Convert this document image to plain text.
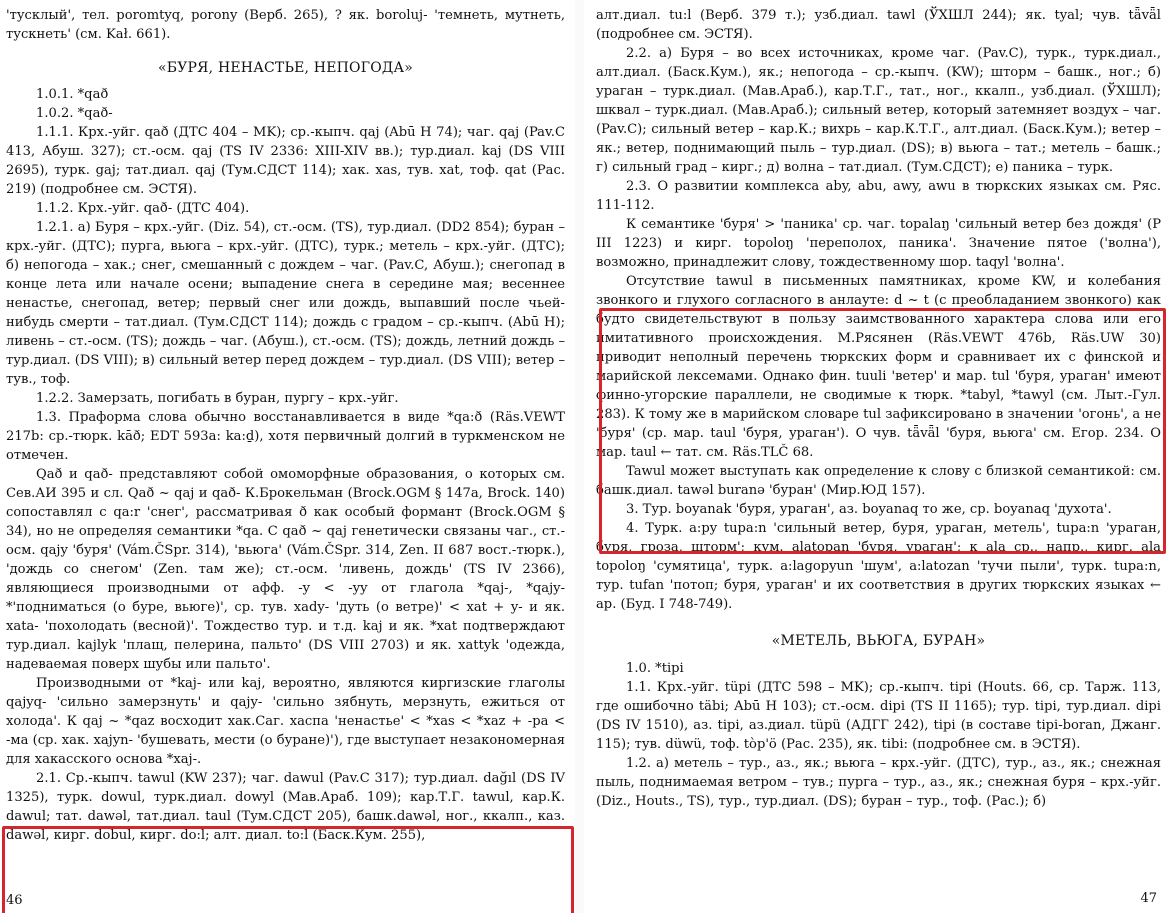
'тусклый', тел. poromtyq, porony (Верб. 265), ? як. boroluj- 'темнеть, мутнеть, тускнеть' (см. Kał. 661).

«БУРЯ, НЕНАСТЬЕ, НЕПОГОДА»

1.0.1. *qað

1.0.2. *qað-

1.1.1. Крх.-уйг. qað (ДТС 404 – MK); ср.-кыпч. qaj (Abū H 74); чаг. qaj (Pav.C 413, Абуш. 327); ст.-осм. qaj (TS IV 2336: XIII-XIV вв.); тур.диал. kaj (DS VIII 2695), турк. gaj; тат.диал. qaj (Тум.СДСТ 114); хак. xas, тув. xat, тоф. qat (Рас. 219) (подробнее см. ЭСТЯ).

1.1.2. Крх.-уйг. qað- (ДТС 404).

1.2.1. а) Буря – крх.-уйг. (Diz. 54), ст.-осм. (TS), тур.диал. (DD2 854); буран – крх.-уйг. (ДТС); пурга, вьюга – крх.-уйг. (ДТС), турк.; метель – крх.-уйг. (ДТС); б) непогода – хак.; снег, смешанный с дождем – чаг. (Pav.C, Абуш.); снегопад в конце лета или начале осени; выпадение снега в середине мая; весеннее ненастье, снегопад, ветер; первый снег или дождь, выпавший после чьей-нибудь смерти – тат.диал. (Тум.СДСТ 114); дождь с градом – ср.-кыпч. (Abū H); ливень – ст.-осм. (TS); дождь – чаг. (Абуш.), ст.-осм. (TS); дождь, летний дождь – тур.диал. (DS VIII); в) сильный ветер перед дождем – тур.диал. (DS VIII); ветер – тув., тоф.

1.2.2. Замерзать, погибать в буран, пургу – крх.-уйг.

1.3. Праформа слова обычно восстанавливается в виде *qa:ð (Räs.VEWT 217b: ср.-тюрк. kāð; EDT 593a: ka:ḏ), хотя первичный долгий в туркменском не отмечен.

Qað и qað- представляют собой омоморфные образования, о которых см. Сев.АИ 395 и сл. Qað ~ qaj и qað- К.Брокельман (Brock.OGM § 147a, Brock. 140) сопоставлял с qa:r 'снег', рассматривая ð как особый формант (Brock.OGM § 34), но не определяя семантики *qa. С qað ~ qaj генетически связаны чаг., ст.-осм. qajy 'буря' (Vám.ČSpr. 314), 'вьюга' (Vám.ČSpr. 314, Zen. II 687 вост.-тюрк.), 'дождь со снегом' (Zen. там же); ст.-осм. 'ливень, дождь' (TS IV 2366), являющиеся производными от афф. -y < -yy от глагола *qaj-, *qajy- *'подниматься (о буре, вьюге)', ср. тув. xady- 'дуть (о ветре)' < xat + y- и як. xata- 'похолодать (весной)'. Тождество тур. и т.д. kaj и як. *xat подтверждают тур.диал. kajlyk 'плащ, пелерина, пальто' (DS VIII 2703) и як. xattyk 'одежда, надеваемая поверх шубы или пальто'.

Производными от *kaj- или kaj, вероятно, являются киргизские глаголы qajyq- 'сильно замерзнуть' и qajy- 'сильно зябнуть, мерзнуть, ежиться от холода'. К qaj ~ *qaz восходит хак.Саг. хаспа 'ненастье' < *xas < *xaz + -pa < -ма (ср. хак. xajyn- 'бушевать, мести (о буране)'), где выступает незакономерная для хакасского основа *xaj-.

2.1. Ср.-кыпч. tawul (KW 237); чаг. dawul (Pav.C 317); тур.диал. dağıl (DS IV 1325), турк. dowul, турк.диал. dowyl (Мав.Араб. 109); кар.Т.Г. tawul, кар.К. dawul; тат. dawəl, тат.диал. taul (Тум.СДСТ 205), башк.dawəl, ног., ккалп., каз. dawəl, кирг. dobul, кирг. do:l; алт. диал. to:l (Баск.Кум. 255),

46

алт.диал. tu:l (Верб. 379 т.); узб.диал. tawl (ЎХШЛ 244); як. tyal; чув. tǟvǟl (подробнее см. ЭСТЯ).

2.2. а) Буря – во всех источниках, кроме чаг. (Pav.C), турк., турк.диал., алт.диал. (Баск.Кум.), як.; непогода – ср.-кыпч. (KW); шторм – башк., ног.; б) ураган – турк.диал. (Мав.Араб.), кар.Т.Г., тат., ног., ккалп., узб.диал. (ЎХШЛ); шквал – турк.диал. (Мав.Араб.); сильный ветер, который затемняет воздух – чаг. (Pav.C); сильный ветер – кар.К.; вихрь – кар.К.Т.Г., алт.диал. (Баск.Кум.); ветер – як.; ветер, поднимающий пыль – тур.диал. (DS); в) вьюга – тат.; метель – башк.; г) сильный град – кирг.; д) волна – тат.диал. (Тум.СДСТ); е) паника – турк.

2.3. О развитии комплекса aby, abu, awy, awu в тюркских языках см. Ряс. 111-112.

К семантике 'буря' > 'паника' ср. чаг. topalaŋ 'сильный ветер без дождя' (P III 1223) и кирг. topoloŋ 'переполох, паника'. Значение пятое ('волна'), возможно, принадлежит слову, тождественному шор. taqyl 'волна'.

Отсутствие tawul в письменных памятниках, кроме KW, и колебания звонкого и глухого согласного в анлауте: d ~ t (с преобладанием звонкого) как будто свидетельствуют в пользу заимствованного характера слова или его имитативного происхождения. М.Рясянен (Räs.VEWT 476b, Räs.UW 30) приводит неполный перечень тюркских форм и сравнивает их с финской и марийской лексемами. Однако фин. tuuli 'ветер' и мар. tul 'буря, ураган' имеют финно-угорские параллели, не сводимые к тюрк. *tabyl, *tawyl (см. Лыт.-Гул. 283). К тому же в марийском словаре tul зафиксировано в значении 'огонь', а не 'буря' (ср. мар. taul 'буря, ураган'). О чув. tǟvǟl 'буря, вьюга' см. Егор. 234. О мар. taul ← тат. см. Räs.TLČ 68.

Tawul может выступать как определение к слову с близкой семантикой: см. башк.диал. tawəl buranə 'буран' (Мир.ЮД 157).

3. Тур. boyanak 'буря, ураган', аз. boyanaq то же, ср. boyanaq 'духота'.

4. Турк. a:py tupa:n 'сильный ветер, буря, ураган, метель', tupa:n 'ураган, буря, гроза, шторм'; кум. alatopan 'буря, ураган'; к ala ср., напр., кирг. ala topoloŋ 'сумятица', турк. a:lagopyun 'шум', a:latozan 'тучи пыли', турк. tupa:n, тур. tufan 'потоп; буря, ураган' и их соответствия в других тюркских языках ← ар. (Буд. I 748-749).

«МЕТЕЛЬ, ВЬЮГА, БУРАН»

1.0. *tipi

1.1. Крх.-уйг. tüpi (ДТС 598 – MK); ср.-кыпч. tipi (Houts. 66, ср. Тарж. 113, где ошибочно täbi; Abū H 103); ст.-осм. dipi (TS II 1165); тур. tipi, тур.диал. dipi (DS IV 1510), аз. tipi, аз.диал. tüpü (АДГГ 242), tipi (в составе tipi-boran, Джанг. 115); тув. düwü, тоф. tòp'ö (Рас. 235), як. tibi: (подробнее см. в ЭСТЯ).

1.2. а) метель – тур., аз., як.; вьюга – крх.-уйг. (ДТС), тур., аз., як.; снежная пыль, поднимаемая ветром – тув.; пурга – тур., аз., як.; снежная буря – крх.-уйг. (Diz., Houts., TS), тур., тур.диал. (DS); буран – тур., тоф. (Рас.); б)

47
